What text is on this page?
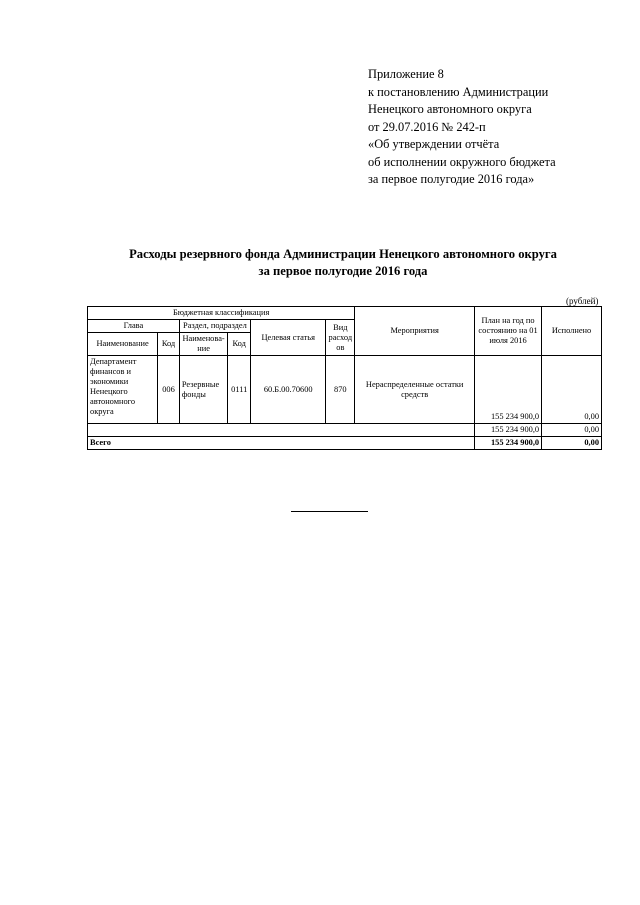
Приложение 8
к постановлению Администрации
Ненецкого автономного округа
от 29.07.2016 № 242-п
«Об утверждении отчёта
об исполнении окружного бюджета
за первое полугодие 2016 года»
Расходы резервного фонда Администрации Ненецкого автономного округа
за первое полугодие 2016 года
(рублей)
Бюджетная классификация						Мероприятия	План на год по состоянию на 01 июля 2016	Исполнено
Глава		Раздел, подраздел		Целевая статья	Вид расход ов			
Наименование	Код	Наименова-ние	Код					
Департамент финансов и экономики Ненецкого автономного округа	006	Резервные фонды	0111	60.Б.00.70600	870	Нераспределенные остатки средств	155 234 900,0	0,00
							155 234 900,0	0,00
Всего							155 234 900,0	0,00
